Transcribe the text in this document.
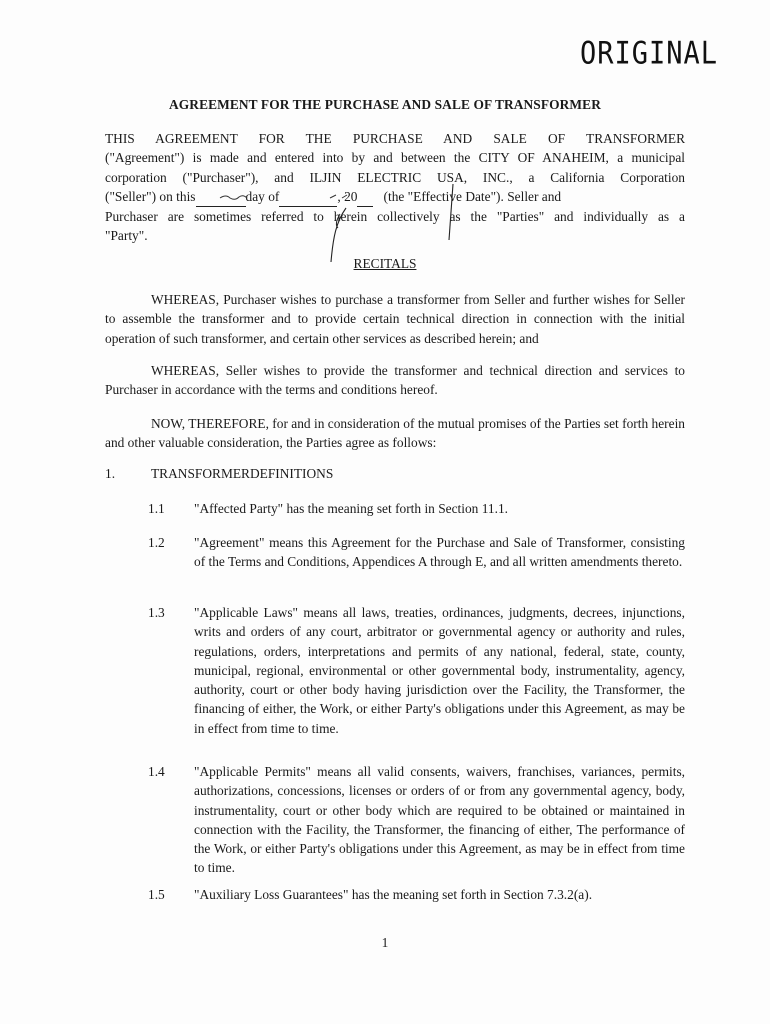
ORIGINAL
AGREEMENT FOR THE PURCHASE AND SALE OF TRANSFORMER
THIS AGREEMENT FOR THE PURCHASE AND SALE OF TRANSFORMER
("Agreement") is made and entered into by and between the CITY OF ANAHEIM, a municipal
corporation ("Purchaser"), and ILJIN ELECTRIC USA, INC., a California Corporation
("Seller") on this	day of	, 20 (the "Effective Date"). Seller and
Purchaser are sometimes referred to herein collectively as the "Parties" and individually as a
"Party".
RECITALS
WHEREAS, Purchaser wishes to purchase a transformer from Seller and further wishes for Seller to assemble the transformer and to provide certain technical direction in connection with the initial operation of such transformer, and certain other services as described herein; and
WHEREAS, Seller wishes to provide the transformer and technical direction and services to Purchaser in accordance with the terms and conditions hereof.
NOW, THEREFORE, for and in consideration of the mutual promises of the Parties set forth herein and other valuable consideration, the Parties agree as follows:
1.	TRANSFORMERDEFINITIONS
1.1 "Affected Party" has the meaning set forth in Section 11.1.
1.2 "Agreement" means this Agreement for the Purchase and Sale of Transformer, consisting of the Terms and Conditions, Appendices A through E, and all written amendments thereto.
1.3 "Applicable Laws" means all laws, treaties, ordinances, judgments, decrees, injunctions, writs and orders of any court, arbitrator or governmental agency or authority and rules, regulations, orders, interpretations and permits of any national, federal, state, county, municipal, regional, environmental or other governmental body, instrumentality, agency, authority, court or other body having jurisdiction over the Facility, the Transformer, the financing of either, the Work, or either Party's obligations under this Agreement, as may be in effect from time to time.
1.4 "Applicable Permits" means all valid consents, waivers, franchises, variances, permits, authorizations, concessions, licenses or orders of or from any governmental agency, body, instrumentality, court or other body which are required to be obtained or maintained in connection with the Facility, the Transformer, the financing of either, The performance of the Work, or either Party's obligations under this Agreement, as may be in effect from time to time.
1.5 "Auxiliary Loss Guarantees" has the meaning set forth in Section 7.3.2(a).
1
